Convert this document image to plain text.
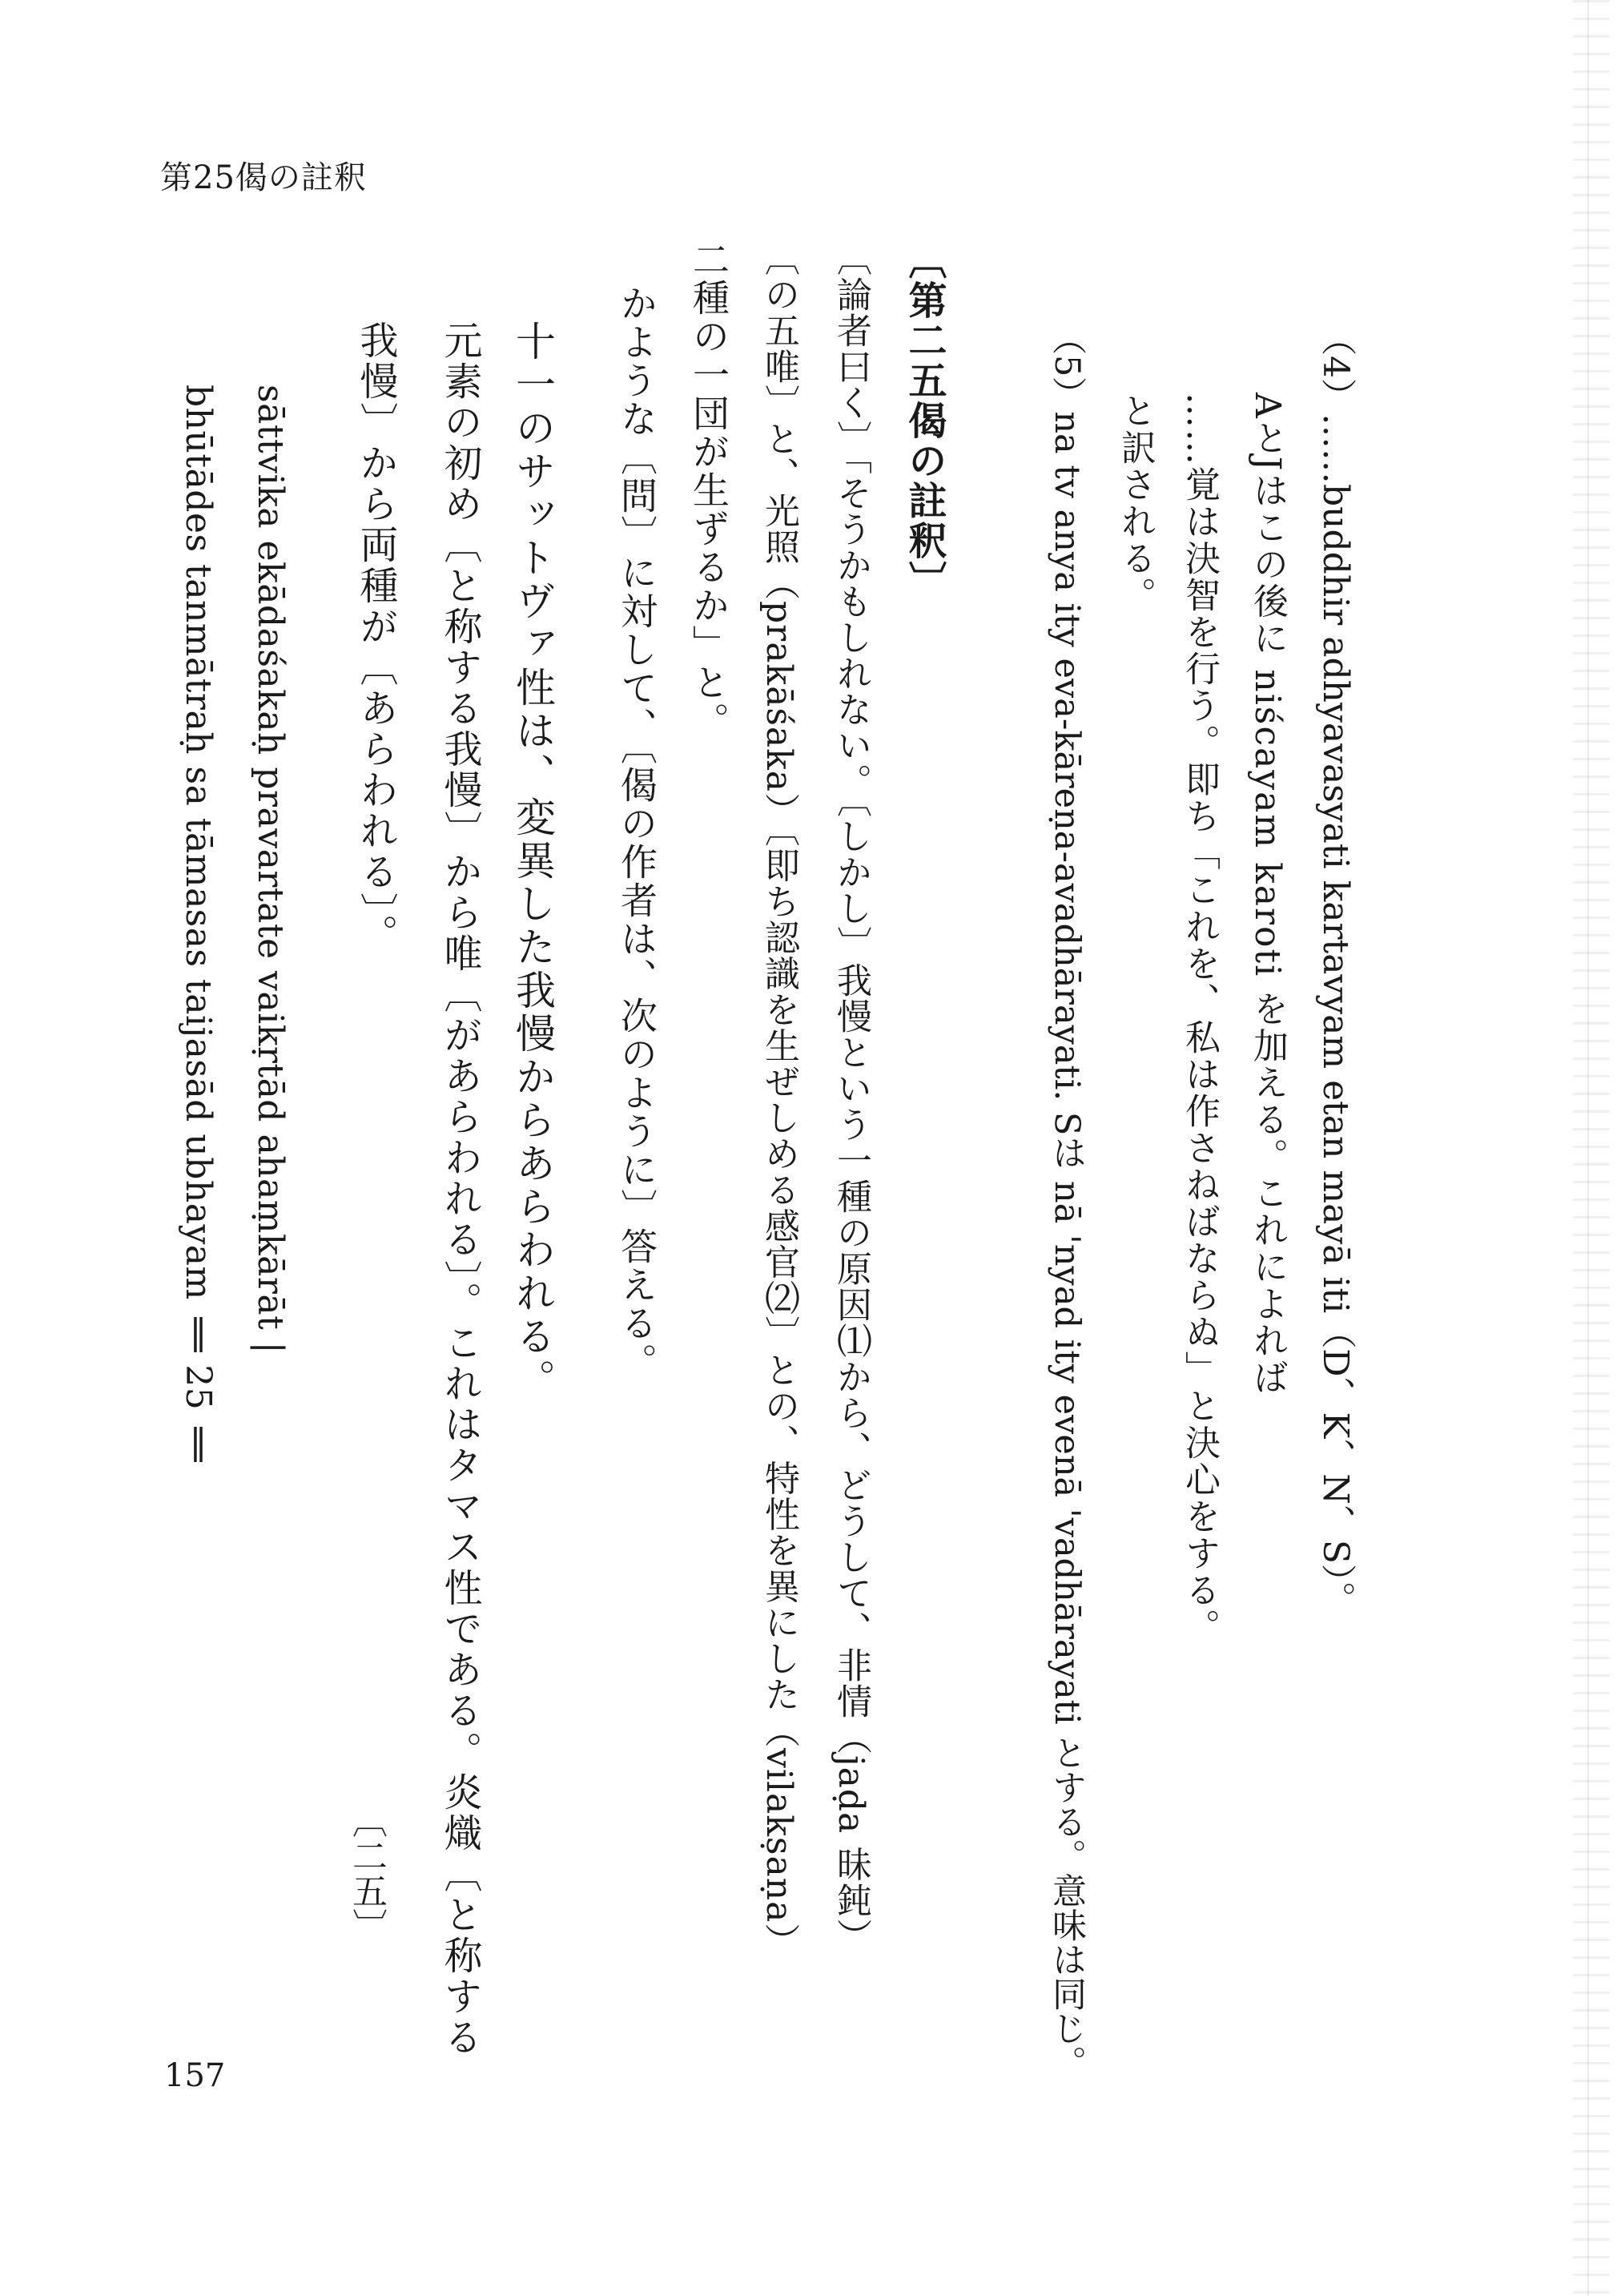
第25偈の註釈
（4）……buddhir adhyavasyati kartavyam etan mayā iti（D、K、N、S）。
AとJはこの後に niścayam karoti を加える。これによれば
……覚は決智を行う。即ち「これを、私は作さねばならぬ」と決心をする。
と訳される。
（5）na tv anya ity eva-kāreṇa-avadhārayati. Sは nā 'nyad ity evenā 'vadhārayati とする。意味は同じ。
〔第二五偈の註釈〕
〔論者曰く〕「そうかもしれない。〔しかし〕我慢という一種の原因⑴から、どうして、非情（jaḍa 昧鈍）
〔の五唯〕と、光照（prakāśaka）〔即ち認識を生ぜしめる感官⑵〕との、特性を異にした（vilakṣaṇa）
二種の一団が生ずるか」と。
かような〔問〕に対して、〔偈の作者は、次のように〕答える。
十一のサットヴァ性は、変異した我慢からあらわれる。
元素の初め〔と称する我慢〕から唯〔があらわれる〕。これはタマス性である。炎熾〔と称する
我慢〕から両種が〔あらわれる〕。
〔二五〕
sāttvika ekādaśakaḥ pravartate vaikṛtād ahaṃkārāt |
bhūtādes tanmātraḥ sa tāmasas taijasād ubhayam ‖ 25 ‖
157
